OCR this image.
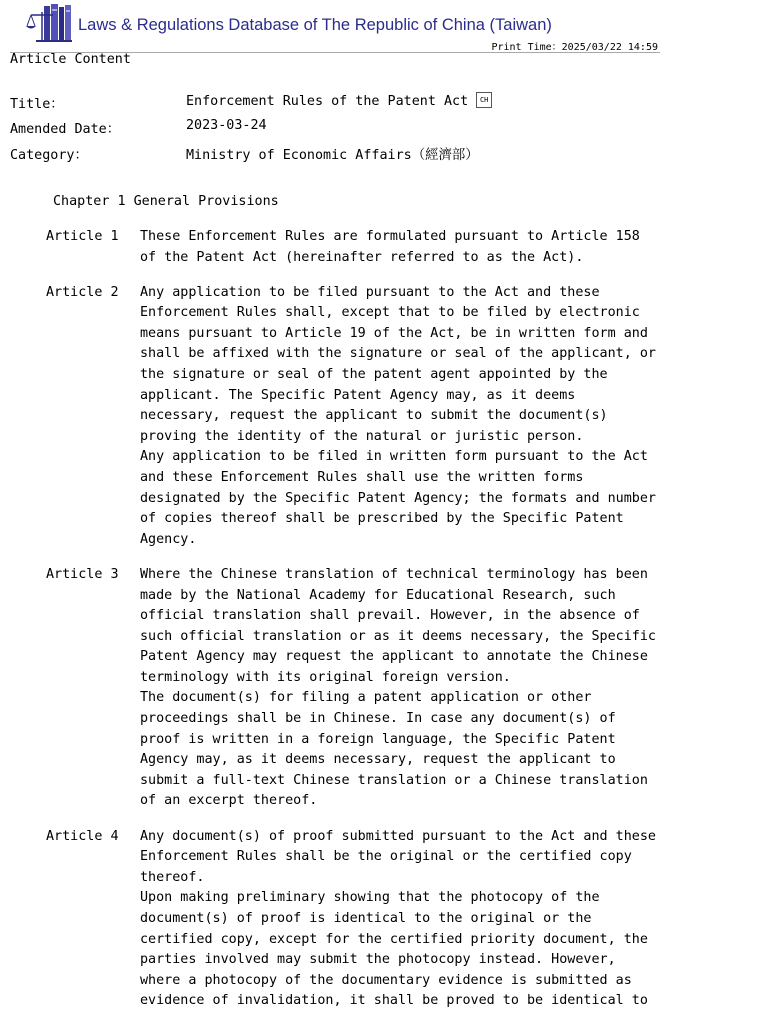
Laws & Regulations Database of The Republic of China (Taiwan)
Print Time：2025/03/22 14:59
Article Content
Title：	Enforcement Rules of the Patent Act CH
Amended Date：	2023-03-24
Category：	Ministry of Economic Affairs（經濟部）
Chapter 1 General Provisions
Article 1 These Enforcement Rules are formulated pursuant to Article 158
of the Patent Act (hereinafter referred to as the Act).
Article 2 Any application to be filed pursuant to the Act and these
Enforcement Rules shall, except that to be filed by electronic
means pursuant to Article 19 of the Act, be in written form and
shall be affixed with the signature or seal of the applicant, or
the signature or seal of the patent agent appointed by the
applicant. The Specific Patent Agency may, as it deems
necessary, request the applicant to submit the document(s)
proving the identity of the natural or juristic person.
Any application to be filed in written form pursuant to the Act
and these Enforcement Rules shall use the written forms
designated by the Specific Patent Agency; the formats and number
of copies thereof shall be prescribed by the Specific Patent
Agency.
Article 3 Where the Chinese translation of technical terminology has been
made by the National Academy for Educational Research, such
official translation shall prevail. However, in the absence of
such official translation or as it deems necessary, the Specific
Patent Agency may request the applicant to annotate the Chinese
terminology with its original foreign version.
The document(s) for filing a patent application or other
proceedings shall be in Chinese. In case any document(s) of
proof is written in a foreign language, the Specific Patent
Agency may, as it deems necessary, request the applicant to
submit a full-text Chinese translation or a Chinese translation
of an excerpt thereof.
Article 4 Any document(s) of proof submitted pursuant to the Act and these
Enforcement Rules shall be the original or the certified copy
thereof.
Upon making preliminary showing that the photocopy of the
document(s) of proof is identical to the original or the
certified copy, except for the certified priority document, the
parties involved may submit the photocopy instead. However,
where a photocopy of the documentary evidence is submitted as
evidence of invalidation, it shall be proved to be identical to
